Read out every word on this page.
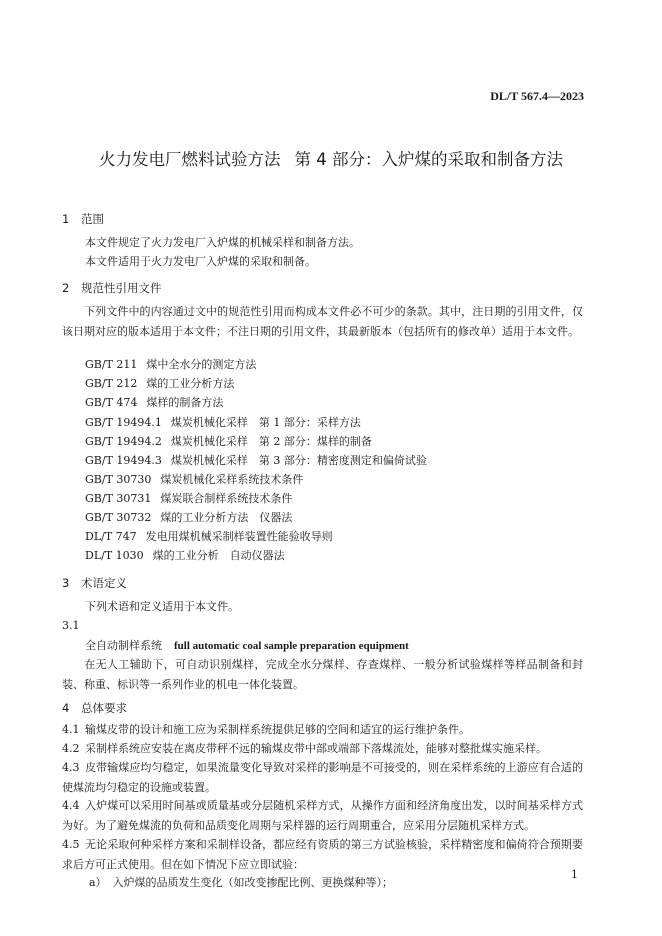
DL/T 567.4—2023
火力发电厂燃料试验方法 第 4 部分：入炉煤的采取和制备方法
1 范围
本文件规定了火力发电厂入炉煤的机械采样和制备方法。
本文件适用于火力发电厂入炉煤的采取和制备。
2 规范性引用文件

下列文件中的内容通过文中的规范性引用而构成本文件必不可少的条款。其中，注日期的引用文件，仅该日期对应的版本适用于本文件；不注日期的引用文件，其最新版本（包括所有的修改单）适用于本文件。

GB/T 211 煤中全水分的测定方法
GB/T 212 煤的工业分析方法
GB/T 474 煤样的制备方法
GB/T 19494.1 煤炭机械化采样　第 1 部分：采样方法
GB/T 19494.2 煤炭机械化采样　第 2 部分：煤样的制备
GB/T 19494.3 煤炭机械化采样　第 3 部分：精密度测定和偏倚试验
GB/T 30730 煤炭机械化采样系统技术条件
GB/T 30731 煤炭联合制样系统技术条件
GB/T 30732 煤的工业分析方法　仪器法
DL/T 747 发电用煤机械采制样装置性能验收导则
DL/T 1030 煤的工业分析　自动仪器法
3 术语定义
下列术语和定义适用于本文件。
3.1
全自动制样系统 full automatic coal sample preparation equipment

在无人工辅助下，可自动识别煤样，完成全水分煤样、存查煤样、一般分析试验煤样等样品制备和封装、称重、标识等一系列作业的机电一体化装置。

4 总体要求

4.1 输煤皮带的设计和施工应为采制样系统提供足够的空间和适宜的运行维护条件。

4.2 采制样系统应安装在离皮带秤不远的输煤皮带中部或端部下落煤流处，能够对整批煤实施采样。

4.3 皮带输煤应均匀稳定，如果流量变化导致对采样的影响是不可接受的，则在采样系统的上游应有合适的使煤流均匀稳定的设施或装置。

4.4 入炉煤可以采用时间基或质量基或分层随机采样方式，从操作方面和经济角度出发，以时间基采样方式为好。为了避免煤流的负荷和品质变化周期与采样器的运行周期重合，应采用分层随机采样方式。

4.5 无论采取何种采样方案和采制样设备，都应经有资质的第三方试验核验，采样精密度和偏倚符合预期要求后方可正式使用。但在如下情况下应立即试验：

a） 入炉煤的品质发生变化（如改变掺配比例、更换煤种等）；
1
